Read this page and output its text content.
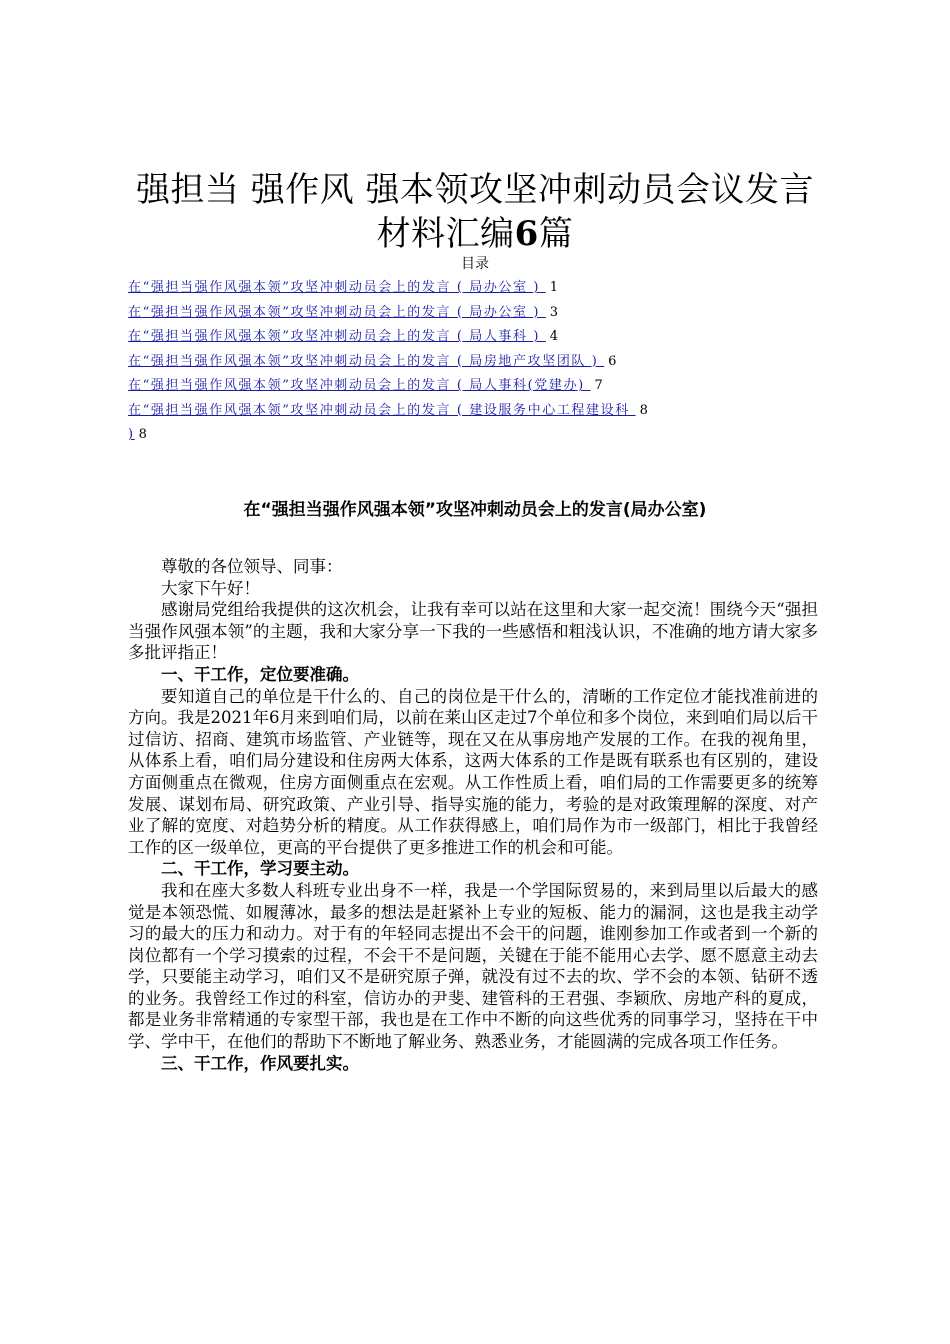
强担当 强作风 强本领攻坚冲刺动员会议发言
材料汇编6篇
目录
在“强担当强作风强本领”攻坚冲刺动员会上的发言 ( 局办公室 ) 1
在“强担当强作风强本领”攻坚冲刺动员会上的发言 ( 局办公室 ) 3
在“强担当强作风强本领”攻坚冲刺动员会上的发言 ( 局人事科 ) 4
在“强担当强作风强本领”攻坚冲刺动员会上的发言 ( 局房地产攻坚团队 ) 6
在“强担当强作风强本领”攻坚冲刺动员会上的发言 ( 局人事科(党建办) 7
在“强担当强作风强本领”攻坚冲刺动员会上的发言 ( 建设服务中心工程建设科 8
) 8
在“强担当强作风强本领”攻坚冲刺动员会上的发言(局办公室)

尊敬的各位领导、同事：

大家下午好！

感谢局党组给我提供的这次机会，让我有幸可以站在这里和大家一起交流！围绕今天“强担当强作风强本领”的主题，我和大家分享一下我的一些感悟和粗浅认识，不准确的地方请大家多多批评指正！

一、干工作，定位要准确。

要知道自己的单位是干什么的、自己的岗位是干什么的，清晰的工作定位才能找准前进的方向。我是2021年6月来到咱们局，以前在莱山区走过7个单位和多个岗位，来到咱们局以后干过信访、招商、建筑市场监管、产业链等，现在又在从事房地产发展的工作。在我的视角里，从体系上看，咱们局分建设和住房两大体系，这两大体系的工作是既有联系也有区别的，建设方面侧重点在微观，住房方面侧重点在宏观。从工作性质上看，咱们局的工作需要更多的统筹发展、谋划布局、研究政策、产业引导、指导实施的能力，考验的是对政策理解的深度、对产业了解的宽度、对趋势分析的精度。从工作获得感上，咱们局作为市一级部门，相比于我曾经工作的区一级单位，更高的平台提供了更多推进工作的机会和可能。

二、干工作，学习要主动。

我和在座大多数人科班专业出身不一样，我是一个学国际贸易的，来到局里以后最大的感觉是本领恐慌、如履薄冰，最多的想法是赶紧补上专业的短板、能力的漏洞，这也是我主动学习的最大的压力和动力。对于有的年轻同志提出不会干的问题，谁刚参加工作或者到一个新的岗位都有一个学习摸索的过程，不会干不是问题，关键在于能不能用心去学、愿不愿意主动去学，只要能主动学习，咱们又不是研究原子弹，就没有过不去的坎、学不会的本领、钻研不透的业务。我曾经工作过的科室，信访办的尹斐、建管科的王君强、李颖欣、房地产科的夏成，都是业务非常精通的专家型干部，我也是在工作中不断的向这些优秀的同事学习，坚持在干中学、学中干，在他们的帮助下不断地了解业务、熟悉业务，才能圆满的完成各项工作任务。

三、干工作，作风要扎实。
